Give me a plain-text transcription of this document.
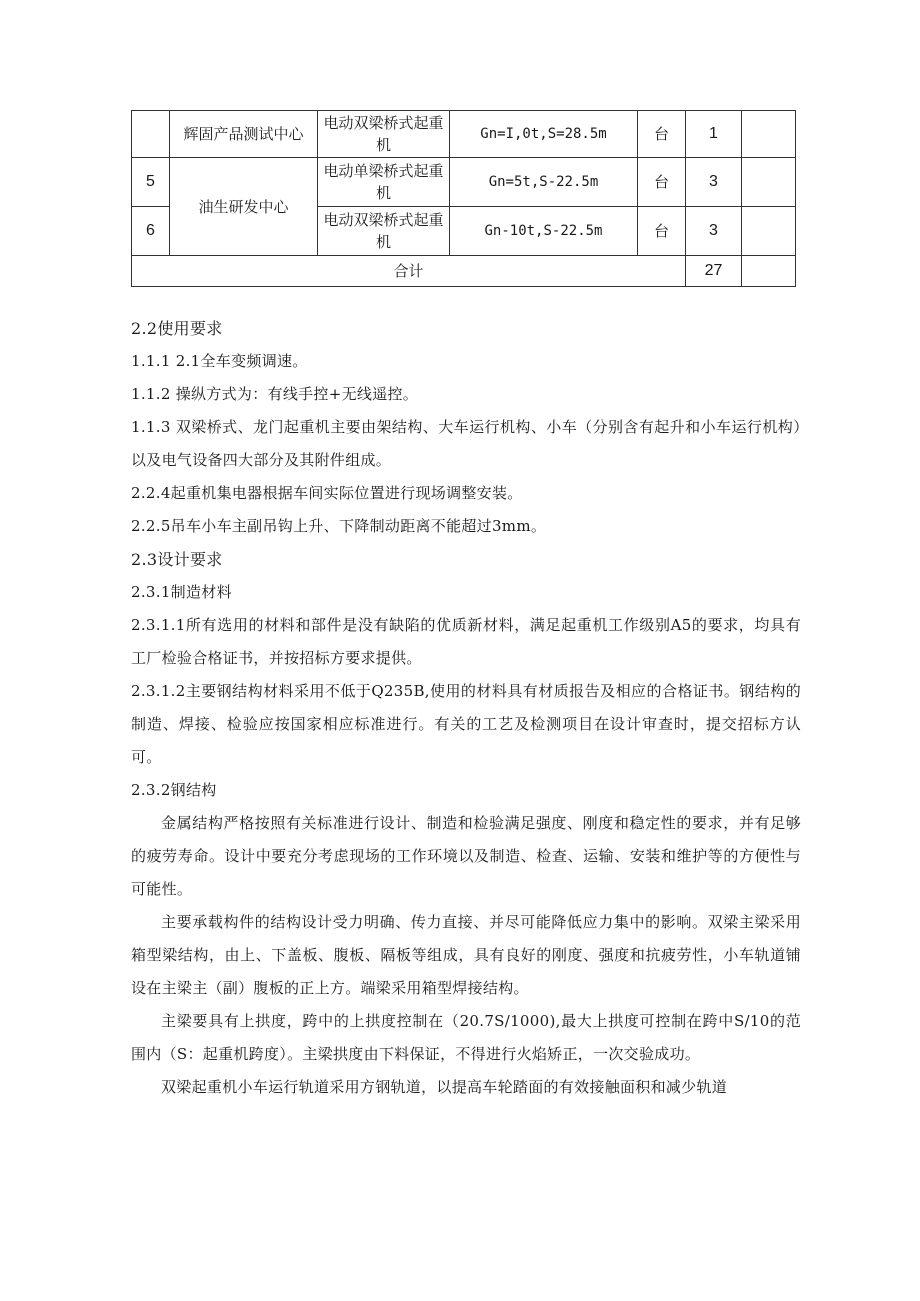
	辉固产品测试中心	电动双梁桥式起重机	Gn=I,0t,S=28.5m	台	1	
5	油生研发中心	电动单梁桥式起重机	Gn=5t,S-22.5m	台	3	
6		电动双梁桥式起重机	Gn-10t,S-22.5m	台	3	
合计					27	

2.2使用要求

1.1.1 2.1全车变频调速。

1.1.2 操纵方式为：有线手控+无线遥控。

1.1.3 双梁桥式、龙门起重机主要由架结构、大车运行机构、小车（分别含有起升和小车运行机构）以及电气设备四大部分及其附件组成。

2.2.4起重机集电器根据车间实际位置进行现场调整安装。

2.2.5吊车小车主副吊钩上升、下降制动距离不能超过3mm。

2.3设计要求

2.3.1制造材料

2.3.1.1所有选用的材料和部件是没有缺陷的优质新材料，满足起重机工作级别A5的要求，均具有工厂检验合格证书，并按招标方要求提供。

2.3.1.2主要钢结构材料采用不低于Q235B,使用的材料具有材质报告及相应的合格证书。钢结构的制造、焊接、检验应按国家相应标准进行。有关的工艺及检测项目在设计审查时，提交招标方认可。

2.3.2钢结构

金属结构严格按照有关标准进行设计、制造和检验满足强度、刚度和稳定性的要求，并有足够的疲劳寿命。设计中要充分考虑现场的工作环境以及制造、检查、运输、安装和维护等的方便性与可能性。

主要承载构件的结构设计受力明确、传力直接、并尽可能降低应力集中的影响。双梁主梁采用箱型梁结构，由上、下盖板、腹板、隔板等组成，具有良好的刚度、强度和抗疲劳性，小车轨道铺设在主梁主（副）腹板的正上方。端梁采用箱型焊接结构。

主梁要具有上拱度，跨中的上拱度控制在（20.7S/1000),最大上拱度可控制在跨中S/10的范围内（S：起重机跨度）。主梁拱度由下料保证，不得进行火焰矫正，一次交验成功。

双梁起重机小车运行轨道采用方钢轨道，以提高车轮踏面的有效接触面积和减少轨道
